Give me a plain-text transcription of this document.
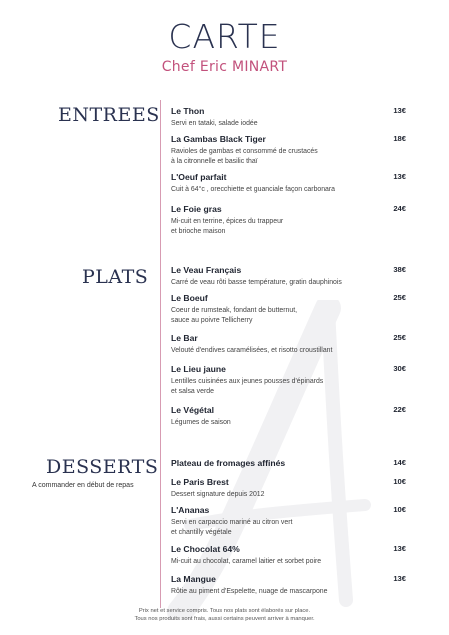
CARTE
Chef Eric MINART
ENTREES Le Thon
Servi en tataki, salade iodée
13€
La Gambas Black Tiger
Ravioles de gambas et consommé de crustacés
à la citronnelle et basilic thaï
18€
L'Oeuf parfait
Cuit à 64°c , orecchiette et guanciale façon carbonara
13€
Le Foie gras
Mi-cuit en terrine, épices du trappeur
et brioche maison
24€
PLATS	Le Veau Français
Carré de veau rôti basse température, gratin dauphinois
38€
Le Boeuf
Coeur de rumsteak, fondant de butternut,
sauce au poivre Tellicherry
25€
Le Bar
Velouté d'endives caramélisées, et risotto croustillant
25€
Le Lieu jaune
Lentilles cuisinées aux jeunes pousses d'épinards
et salsa verde
30€
Le Végétal
Légumes de saison
22€
DESSERTS
A commander en début de repas
Plateau de fromages affinés	14€
Le Paris Brest
Dessert signature depuis 2012
10€
L'Ananas
Servi en carpaccio mariné au citron vert
et chantilly végétale
10€
Le Chocolat 64%
Mi-cuit au chocolat, caramel laitier et sorbet poire
13€
La Mangue
Rôtie au piment d'Espelette, nuage de mascarpone
13€
Prix net et service compris. Tous nos plats sont élaborés sur place.
Tous nos produits sont frais, aussi certains peuvent arriver à manquer.
